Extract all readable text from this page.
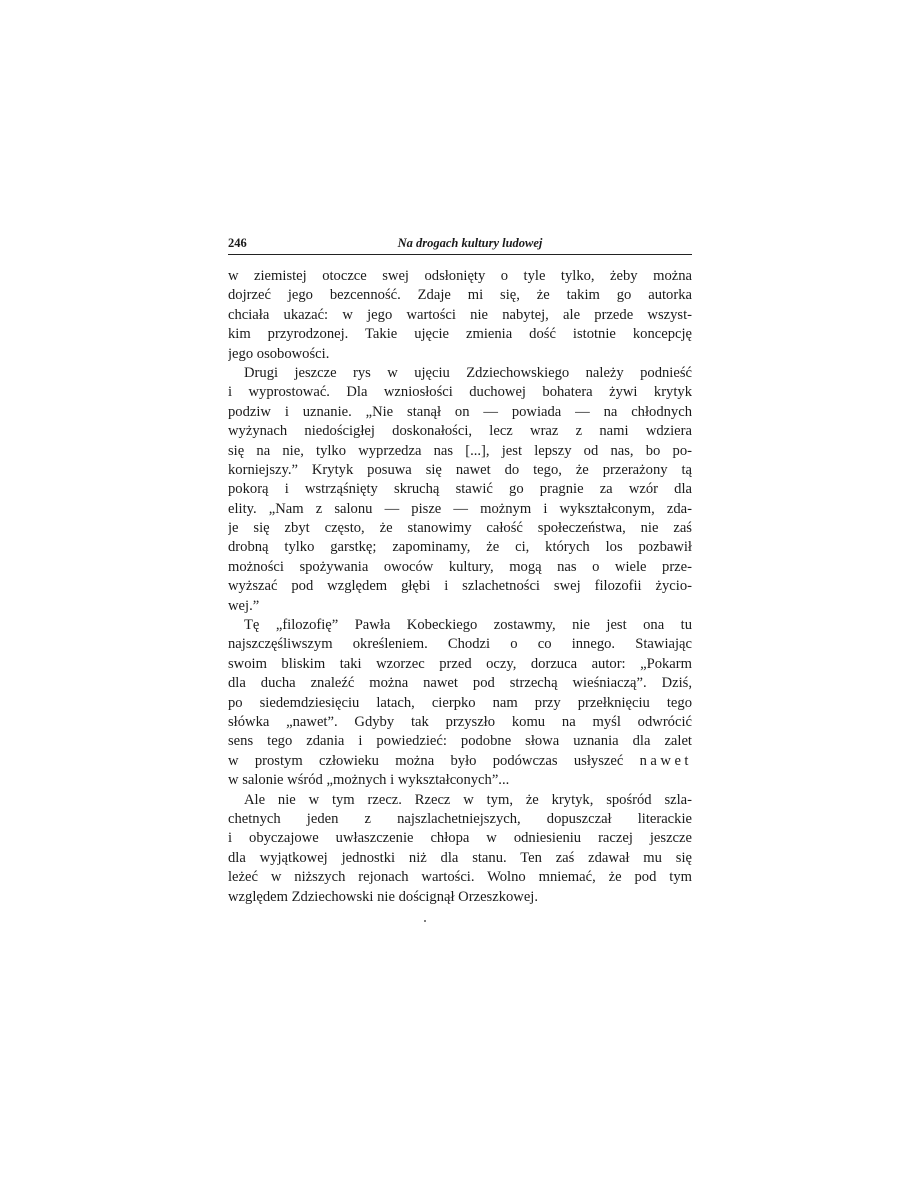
246	Na drogach kultury ludowej
w ziemistej otoczce swej odsłonięty o tyle tylko, żeby można
dojrzeć jego bezcenność. Zdaje mi się, że takim go autorka
chciała ukazać: w jego wartości nie nabytej, ale przede wszyst-
kim przyrodzonej. Takie ujęcie zmienia dość istotnie koncepcję
jego osobowości.
Drugi jeszcze rys w ujęciu Zdziechowskiego należy podnieść
i wyprostować. Dla wzniosłości duchowej bohatera żywi krytyk
podziw i uznanie. „Nie stanął on — powiada — na chłodnych
wyżynach niedościgłej doskonałości, lecz wraz z nami wdziera
się na nie, tylko wyprzedza nas [...], jest lepszy od nas, bo po-
korniejszy.” Krytyk posuwa się nawet do tego, że przerażony tą
pokorą i wstrząśnięty skruchą stawić go pragnie za wzór dla
elity. „Nam z salonu — pisze — możnym i wykształconym, zda-
je się zbyt często, że stanowimy całość społeczeństwa, nie zaś
drobną tylko garstkę; zapominamy, że ci, których los pozbawił
możności spożywania owoców kultury, mogą nas o wiele prze-
wyższać pod względem głębi i szlachetności swej filozofii życio-
wej.”
Tę „filozofię” Pawła Kobeckiego zostawmy, nie jest ona tu
najszczęśliwszym określeniem. Chodzi o co innego. Stawiając
swoim bliskim taki wzorzec przed oczy, dorzuca autor: „Pokarm
dla ducha znaleźć można nawet pod strzechą wieśniaczą”. Dziś,
po siedemdziesięciu latach, cierpko nam przy przełknięciu tego
słówka „nawet”. Gdyby tak przyszło komu na myśl odwrócić
sens tego zdania i powiedzieć: podobne słowa uznania dla zalet
w prostym człowieku można było podówczas usłyszeć nawet
w salonie wśród „możnych i wykształconych”...
Ale nie w tym rzecz. Rzecz w tym, że krytyk, spośród szla-
chetnych jeden z najszlachetniejszych, dopuszczał literackie
i obyczajowe uwłaszczenie chłopa w odniesieniu raczej jeszcze
dla wyjątkowej jednostki niż dla stanu. Ten zaś zdawał mu się
leżeć w niższych rejonach wartości. Wolno mniemać, że pod tym
względem Zdziechowski nie doścignął Orzeszkowej.
